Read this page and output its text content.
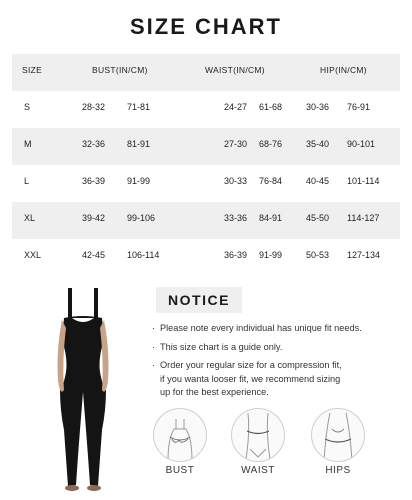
SIZE CHART
SIZE	BUST(IN/CM)	WAIST(IN/CM)	HIP(IN/CM)
S	28-32 71-81	24-27 61-68	30-36 76-91
M	32-36 81-91	27-30 68-76	35-40 90-101
L	36-39 91-99	30-33 76-84	40-45 101-114
XL	39-42 99-106	33-36 84-91	45-50 114-127
XXL	42-45 106-114	36-39 91-99	50-53 127-134
NOTICE
· Please note every individual has unique fit needs.
· This size chart is a guide only.
· Order your regular size for a compression fit,
if you wanta looser fit, we recommend sizing
up for the best experience.
BUST	WAIST	HIPS
